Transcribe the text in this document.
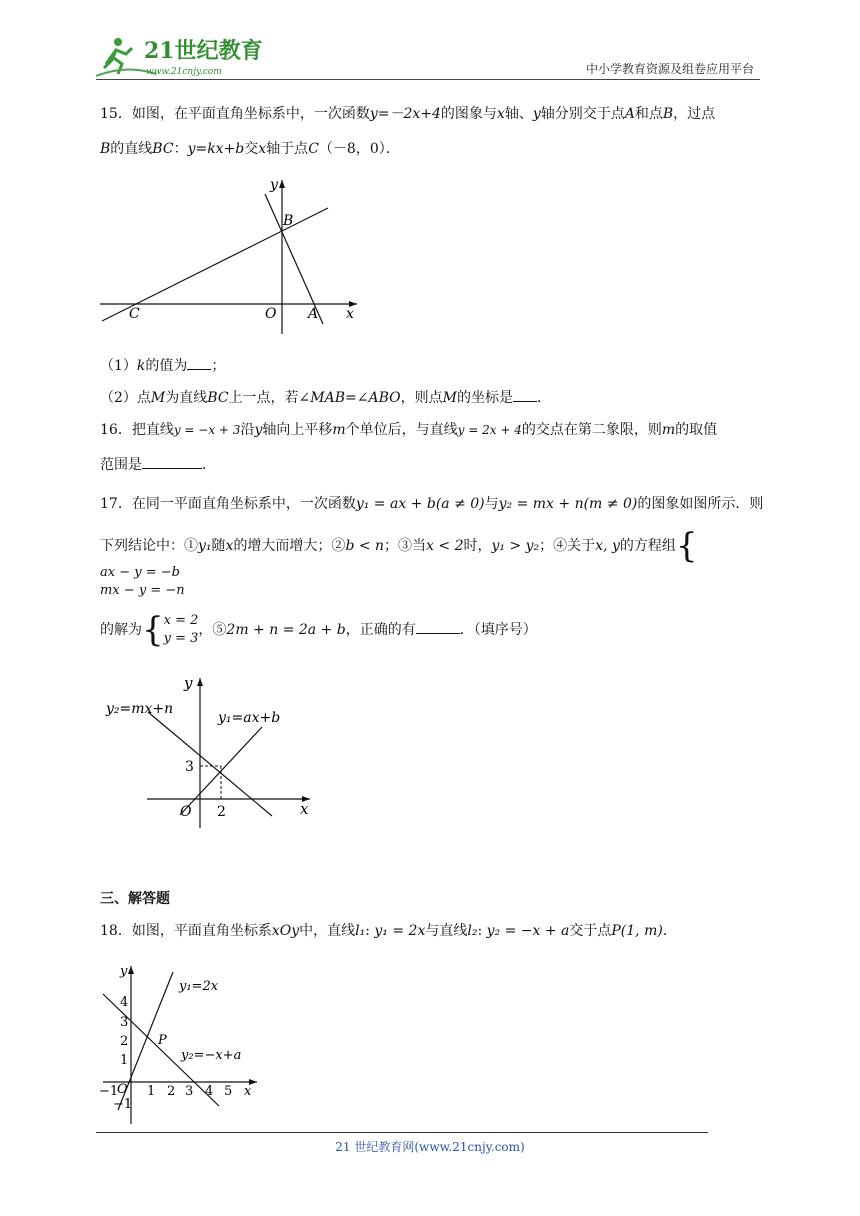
21世纪教育
www.21cnjy.com	中小学教育资源及组卷应用平台
15．如图，在平面直角坐标系中，一次函数y=－2x+4的图象与x轴、y轴分别交于点A和点B，过点
B的直线BC：y=kx+b交x轴于点C（－8，0）．
y
B
C	O A x
（1）k的值为 ；
（2）点M为直线BC上一点，若∠MAB=∠ABO，则点M的坐标是 ．
16．把直线y = −x + 3沿y轴向上平移m个单位后，与直线y = 2x + 4的交点在第二象限，则m的取值
范围是	．
17．在同一平面直角坐标系中，一次函数y₁ = ax + b(a ≠ 0)与y₂ = mx + n(m ≠ 0)的图象如图所示．则
下列结论中：①y₁随x的增大而增大；②b < n；③当x < 2时，y₁ > y₂；④关于x, y的方程组{ax − y = −b
mx − y = −n
的解为{x = 2
y = 3，⑤2m + n = 2a + b，正确的有	．（填序号）
y
y₂=mx+n
y₁=ax+b
3
O 2	x
三、解答题
18．如图，平面直角坐标系xOy中，直线l₁: y₁ = 2x与直线l₂: y₂ = −x + a交于点P(1, m)．
y
4
3
2
1
−1
−1
O 1 2 3 4 5 x
P
y₁=2x
y₂=−x+a
21 世纪教育网(www.21cnjy.com)
